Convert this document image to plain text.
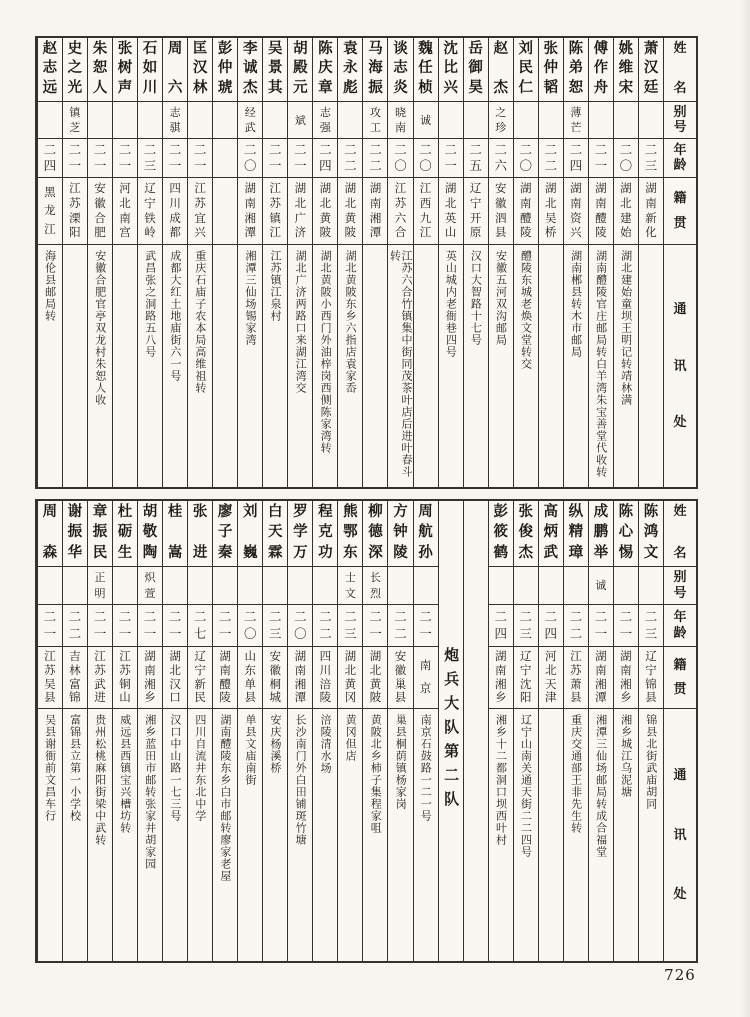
姓
名
别
号
年
龄
籍
贯
通
讯
处
萧
汉
廷
二
三
湖
南
新
化
姚
维
宋
二
〇
湖
北
建
始
湖北建始童坝王明记转靖林满
傅
作
舟
二
一
湖
南
醴
陵
湖南醴陵官庄邮局转白羊湾朱宝善堂代收转
陈
弟
恕
薄
芒
二
四
湖
南
资
兴
湖南郴县转木市邮局
张
仲
韬
二
二
湖
北
吴
桥
刘
民
仁
二
〇
湖
南
醴
陵
醴陵东城老焕文堂转交
赵
杰
之
珍
二
六
安
徽
泗
县
安徽五河双沟邮局
岳
御
昊
二
五
辽
宁
开
原
汉口大智路十七号
沈
比
兴
二
一
湖
北
英
山
英山城内老衙巷四号
魏
任
桢
诚
二
〇
江
西
九
江
谈
志
炎
晓
南
二
〇
江
苏
六
合
江苏六合竹镇集中街同茂茶叶店后进叶春斗转
马
海
振
攻
工
二
二
湖
南
湘
潭
袁
永
彪
二
二
湖
北
黄
陂
湖北黄陂东乡六指店袁家岙
陈
庆
章
志
强
二
四
湖
北
黄
陂
湖北黄陂小西门外油梓岗西侧陈家湾转
胡
殿
元
斌
二
一
湖
北
广
济
湖北广济两路口来湖江湾交
吴
景
其
二
一
江
苏
镇
江
江苏镇江泉村
李
诚
杰
经
武
二
〇
湖
南
湘
潭
湘潭三仙场锡家湾
彭
仲
琥
匡
汉
林
二
一
江
苏
宜
兴
重庆石庙子农本局高维祖转
周
六
志
骐
二
一
四
川
成
都
成都大红土地庙街六一号
石
如
川
二
三
辽
宁
铁
岭
武昌张之洞路五八号
张
树
声
二
一
河
北
南
宫
朱
恕
人
二
一
安
徽
合
肥
安徽合肥官亭双龙村朱恕人收
史
之
光
镇
芝
二
一
江
苏
溧
阳
赵
志
远
二
四
黑
龙
江
海伦县邮局转
姓
名
别
号
年
龄
籍
贯
通
讯
处
陈
鸿
文
二
三
辽
宁
锦
县
锦县北街武庙胡同
陈
心
惕
二
一
湖
南
湘
乡
湘乡城江乌泥塘
成
鹏
举
诚
二
一
湖
南
湘
潭
湘潭三仙场邮局转成合福堂
纵
精
璋
二
二
江
苏
萧
县
重庆交通部王非先生转
高
炳
武
二
四
河
北
天
津
张
俊
杰
二
三
辽
宁
沈
阳
辽宁山南关通天街二二四号
彭
筱
鹤
二
四
湖
南
湘
乡
湘乡十二都洞口坝西叶村
炮兵大队第二队
周
航
孙
二
一
南
京
南京石鼓路一二一号
方
钟
陵
二
二
安
徽
巢
县
巢县桐荫镇杨家岗
柳
德
深
长
烈
二
一
湖
北
黄
陂
黄陂北乡柿子集程家咀
熊
鄂
东
士
文
二
三
湖
北
黄
冈
黄冈但店
程
克
功
二
二
四
川
涪
陵
涪陵清水场
罗
学
万
二
〇
湖
南
湘
潭
长沙南门外白田铺斑竹塘
白
天
霖
二
三
安
徽
桐
城
安庆杨溪桥
刘
巍
二
〇
山
东
单
县
单县文庙南街
廖
子
秦
二
一
湖
南
醴
陵
湖南醴陵东乡白市邮转廖家老屋
张
进
二
七
辽
宁
新
民
四川自流井东北中学
桂
嵩
二
一
湖
北
汉
口
汉口中山路一七三号
胡
敬
陶
炽
萱
二
一
湖
南
湘
乡
湘乡蓝田市邮转张家井胡家园
杜
砺
生
二
一
江
苏
铜
山
威远县西镇宝兴槽坊转
章
振
民
正
明
二
一
江
苏
武
进
贵州松桃麻阳街梁中武转
谢
振
华
二
二
吉
林
富
锦
富锦县立第一小学校
周
森
二
一
江
苏
吴
县
吴县谢衙前文昌车行
726
